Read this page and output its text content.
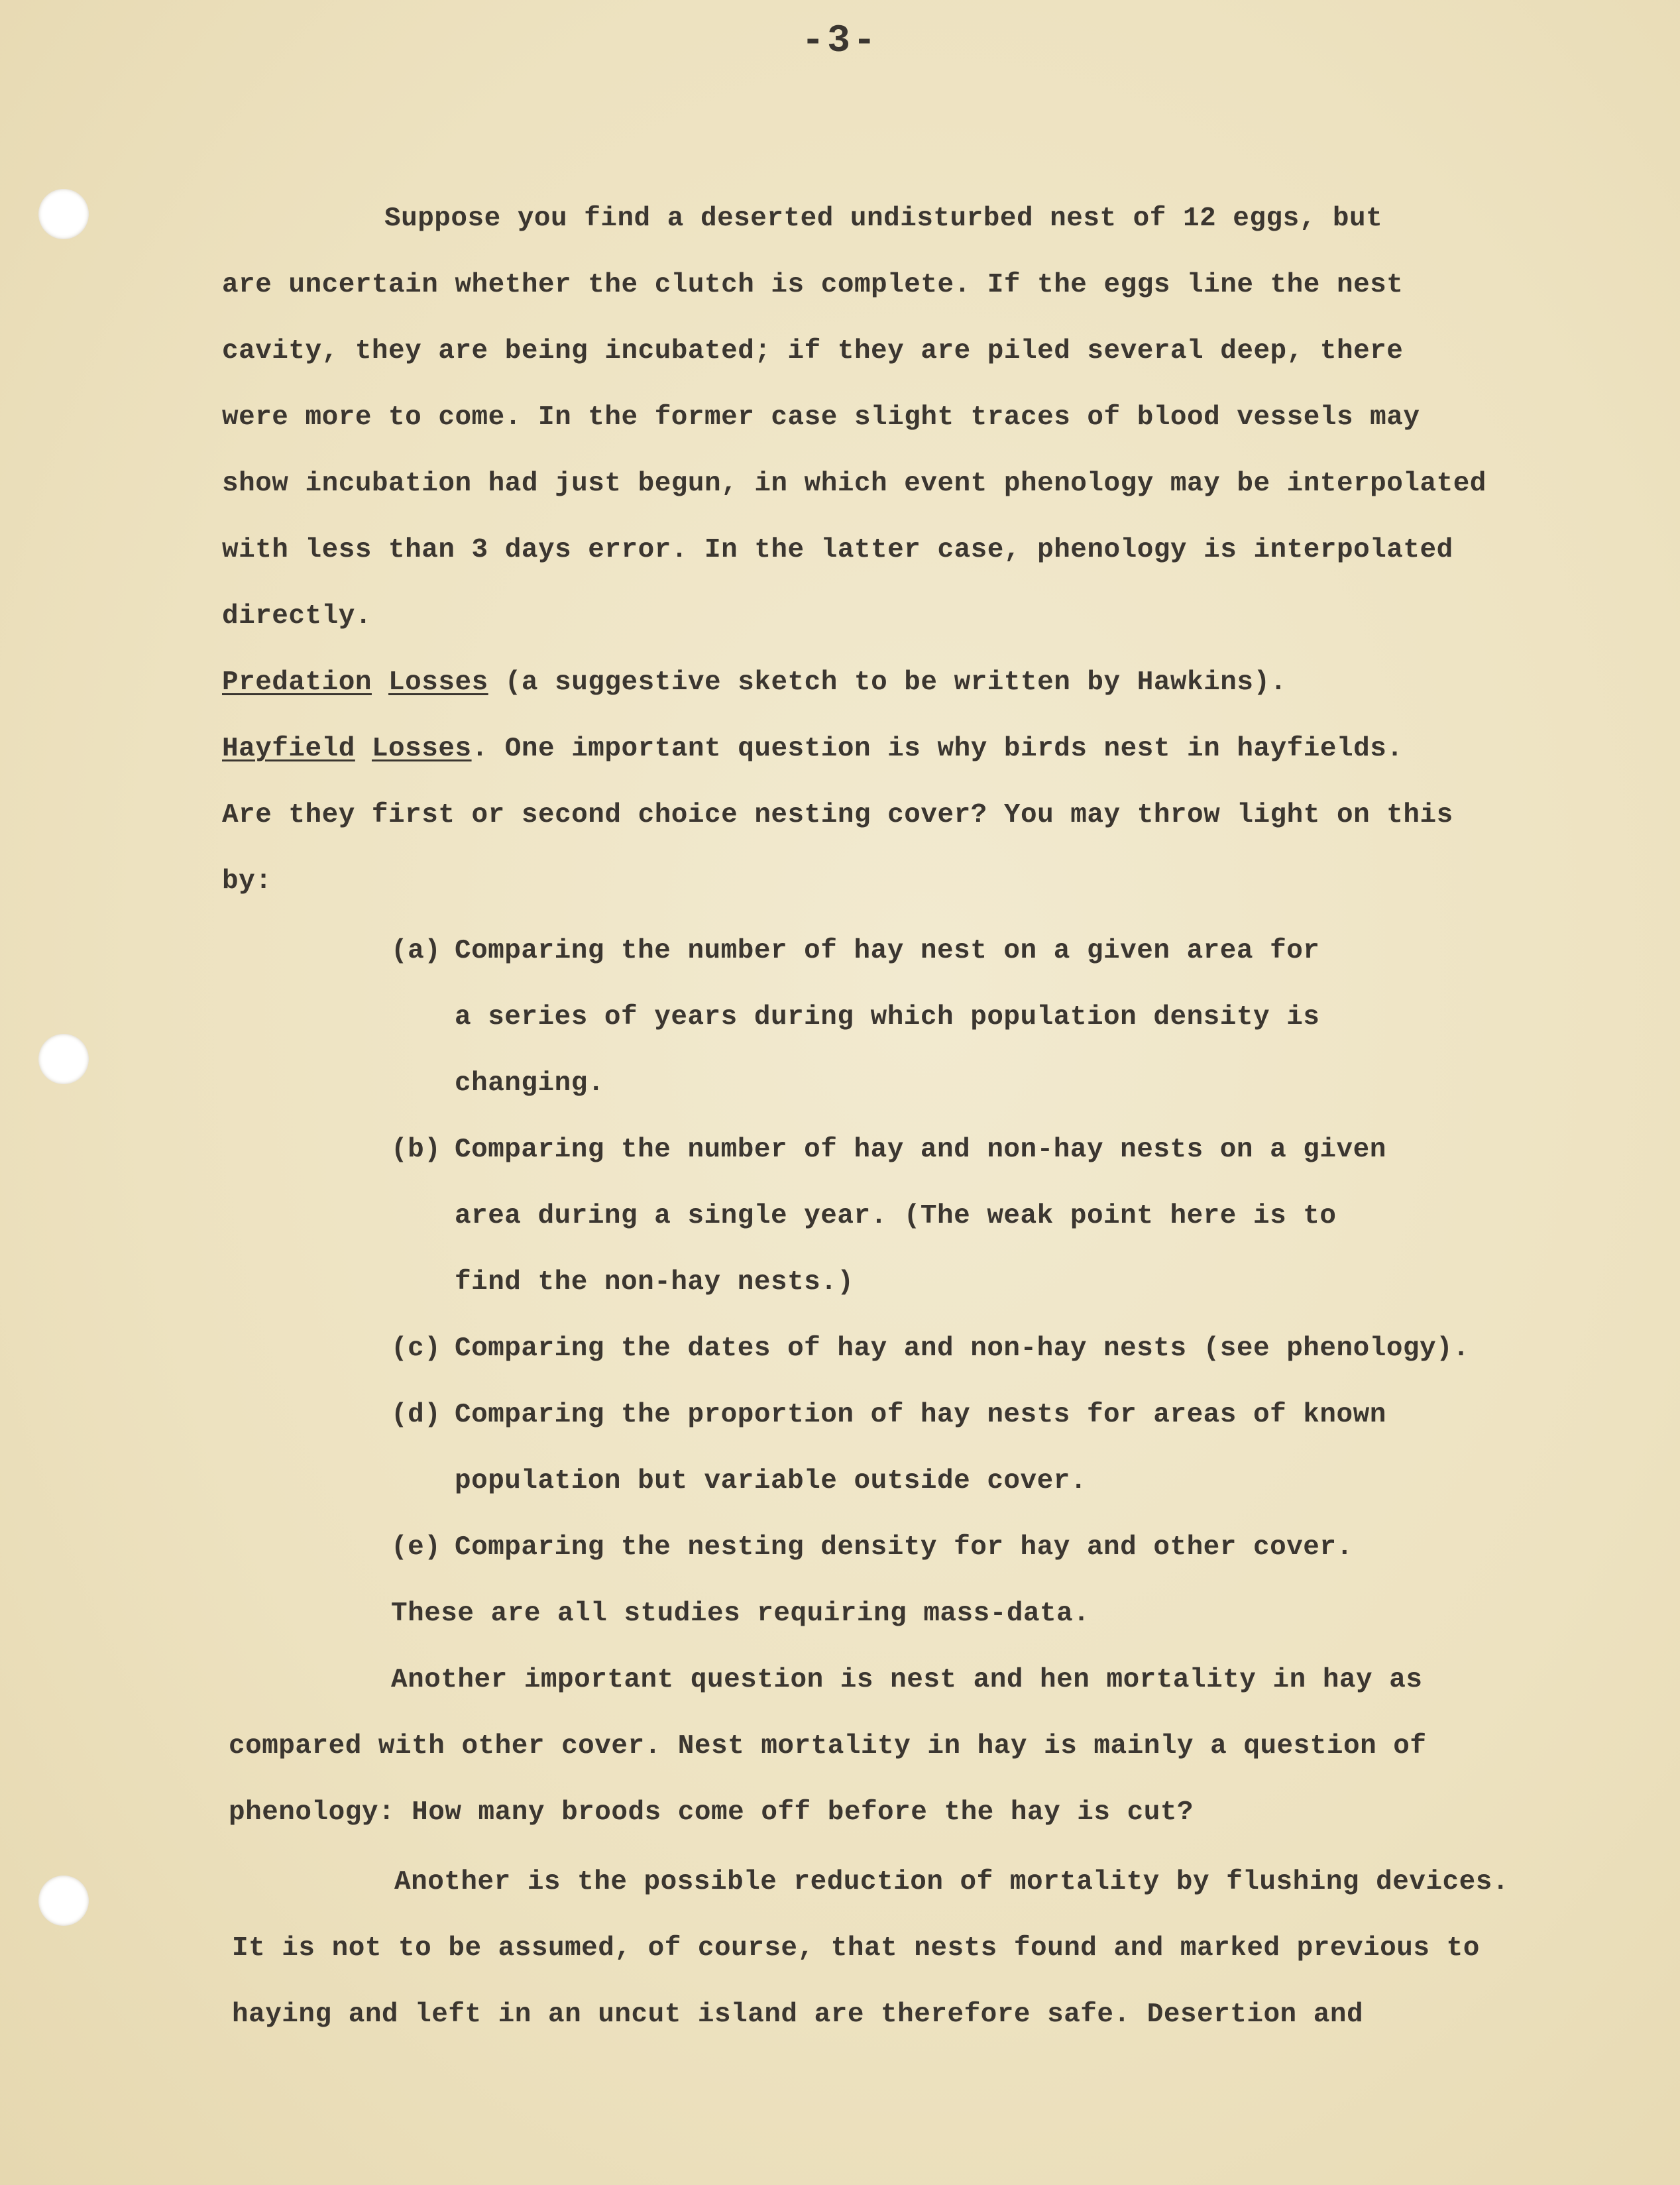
-3-
Suppose you find a deserted undisturbed nest of 12 eggs, but
are uncertain whether the clutch is complete. If the eggs line the nest
cavity, they are being incubated; if they are piled several deep, there
were more to come. In the former case slight traces of blood vessels may
show incubation had just begun, in which event phenology may be interpolated
with less than 3 days error. In the latter case, phenology is interpolated
directly.
Predation Losses (a suggestive sketch to be written by Hawkins).
Hayfield Losses. One important question is why birds nest in hayfields.
Are they first or second choice nesting cover? You may throw light on this
by:
(a) Comparing the number of hay nest on a given area for
a series of years during which population density is
changing.
(b) Comparing the number of hay and non-hay nests on a given
area during a single year. (The weak point here is to
find the non-hay nests.)
(c) Comparing the dates of hay and non-hay nests (see phenology).
(d) Comparing the proportion of hay nests for areas of known
population but variable outside cover.
(e) Comparing the nesting density for hay and other cover.
These are all studies requiring mass-data.
Another important question is nest and hen mortality in hay as
compared with other cover. Nest mortality in hay is mainly a question of
phenology: How many broods come off before the hay is cut?
Another is the possible reduction of mortality by flushing devices.
It is not to be assumed, of course, that nests found and marked previous to
haying and left in an uncut island are therefore safe. Desertion and
